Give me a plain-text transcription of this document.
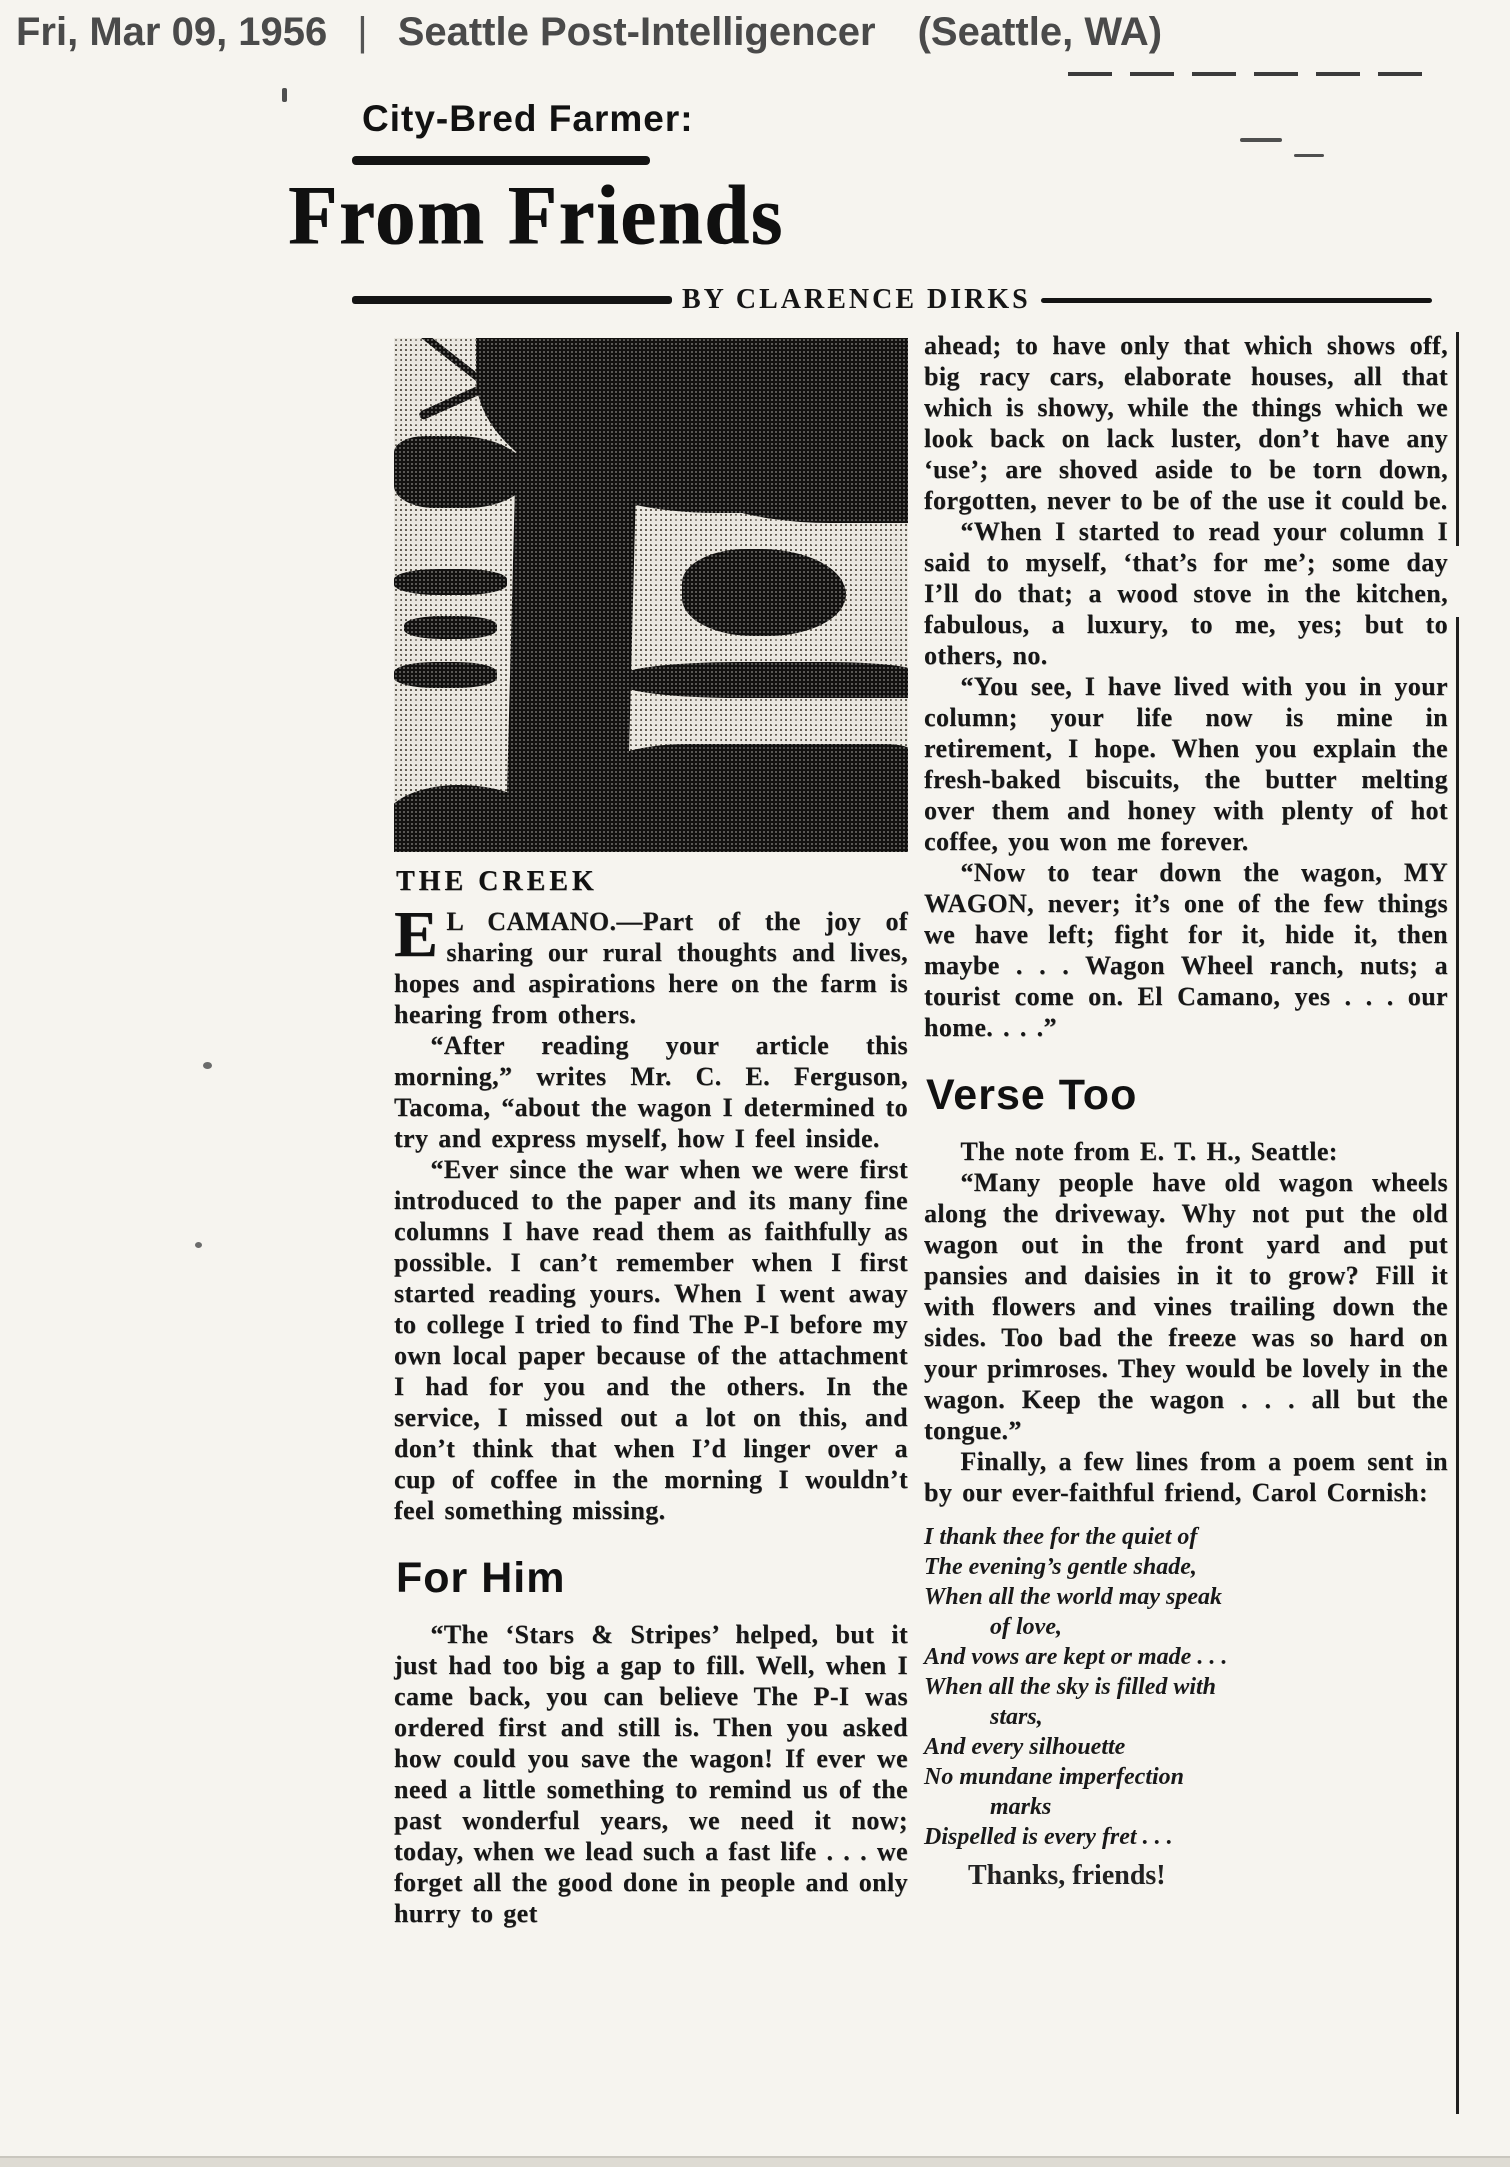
Fri, Mar 09, 1956 | Seattle Post-Intelligencer (Seattle, WA)
City-Bred Farmer:
From Friends
BY CLARENCE DIRKS
THE CREEK

E L CAMANO.—Part of the joy of sharing our rural thoughts and lives, hopes and aspirations here on the farm is hearing from others.

“After reading your article this morning,” writes Mr. C. E. Ferguson, Tacoma, “about the wagon I determined to try and express myself, how I feel inside.

“Ever since the war when we were first introduced to the paper and its many fine columns I have read them as faithfully as possible. I can’t remember when I first started reading yours. When I went away to college I tried to find The P-I before my own local paper because of the attachment I had for you and the others. In the service, I missed out a lot on this, and don’t think that when I’d linger over a cup of coffee in the morning I wouldn’t feel something missing.

For Him

“The ‘Stars & Stripes’ helped, but it just had too big a gap to fill. Well, when I came back, you can believe The P-I was ordered first and still is. Then you asked how could you save the wagon! If ever we need a little something to remind us of the past wonderful years, we need it now; today, when we lead such a fast life . . . we forget all the good done in people and only hurry to get

ahead; to have only that which shows off, big racy cars, elaborate houses, all that which is showy, while the things which we look back on lack luster, don’t have any ‘use’; are shoved aside to be torn down, forgotten, never to be of the use it could be.

“When I started to read your column I said to myself, ‘that’s for me’; some day I’ll do that; a wood stove in the kitchen, fabulous, a luxury, to me, yes; but to others, no.

“You see, I have lived with you in your column; your life now is mine in retirement, I hope. When you explain the fresh-baked biscuits, the butter melting over them and honey with plenty of hot coffee, you won me forever.

“Now to tear down the wagon, MY WAGON, never; it’s one of the few things we have left; fight for it, hide it, then maybe . . . Wagon Wheel ranch, nuts; a tourist come on. El Camano, yes . . . our home. . . .”

Verse Too

The note from E. T. H., Seattle:

“Many people have old wagon wheels along the driveway. Why not put the old wagon out in the front yard and put pansies and daisies in it to grow? Fill it with flowers and vines trailing down the sides. Too bad the freeze was so hard on your primroses. They would be lovely in the wagon. Keep the wagon . . . all but the tongue.”

Finally, a few lines from a poem sent in by our ever-faithful friend, Carol Cornish:

I thank thee for the quiet of
The evening’s gentle shade,
When all the world may speak
of love,
And vows are kept or made . . .
When all the sky is filled with
stars,
And every silhouette
No mundane imperfection
marks
Dispelled is every fret . . .
Thanks, friends!
